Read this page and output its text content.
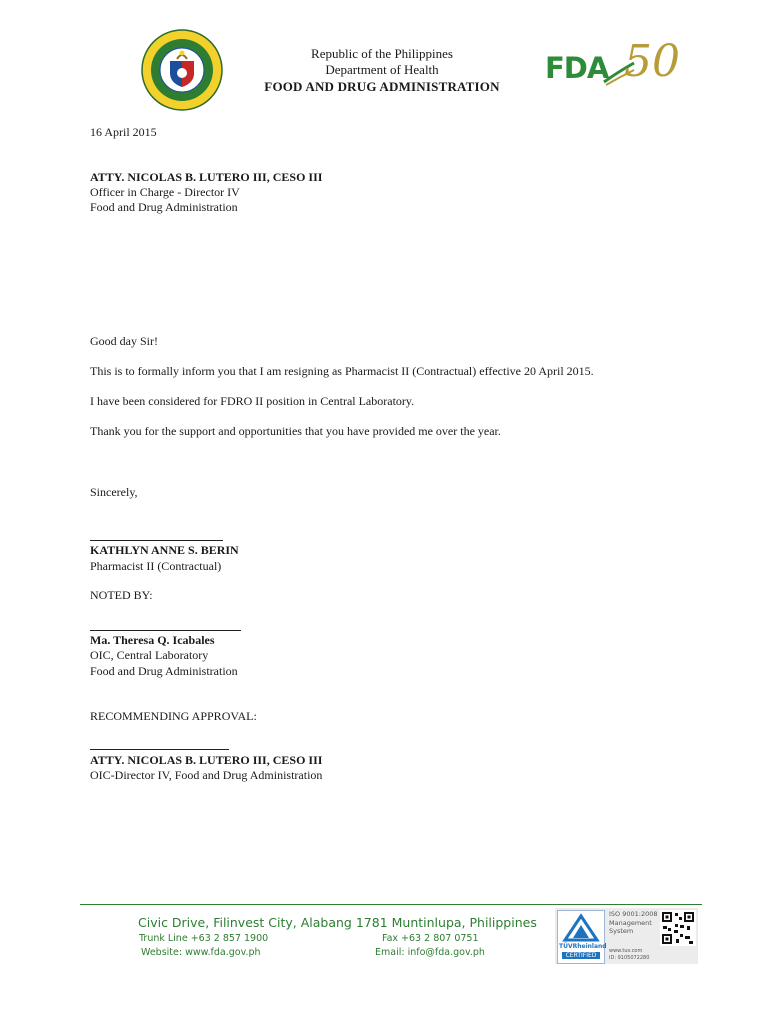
Republic of the Philippines
Department of Health
FOOD AND DRUG ADMINISTRATION
FDA 50
16 April 2015
ATTY. NICOLAS B. LUTERO III, CESO III
Officer in Charge - Director IV
Food and Drug Administration
Good day Sir!
This is to formally inform you that I am resigning as Pharmacist II (Contractual) effective 20 April 2015.
I have been considered for FDRO II position in Central Laboratory.
Thank you for the support and opportunities that you have provided me over the year.
Sincerely,
KATHLYN ANNE S. BERIN
Pharmacist II (Contractual)
NOTED BY:
Ma. Theresa Q. Icabales
OIC, Central Laboratory
Food and Drug Administration
RECOMMENDING APPROVAL:
ATTY. NICOLAS B. LUTERO III, CESO III
OIC-Director IV, Food and Drug Administration
Civic Drive, Filinvest City, Alabang 1781 Muntinlupa, Philippines
Trunk Line +63 2 857 1900	Fax +63 2 807 0751
Website: www.fda.gov.ph	Email: info@fda.gov.ph
TÜVRheinland
CERTIFIED
ISO 9001:2008
Management
System
www.tuv.com
ID: 9105072280
